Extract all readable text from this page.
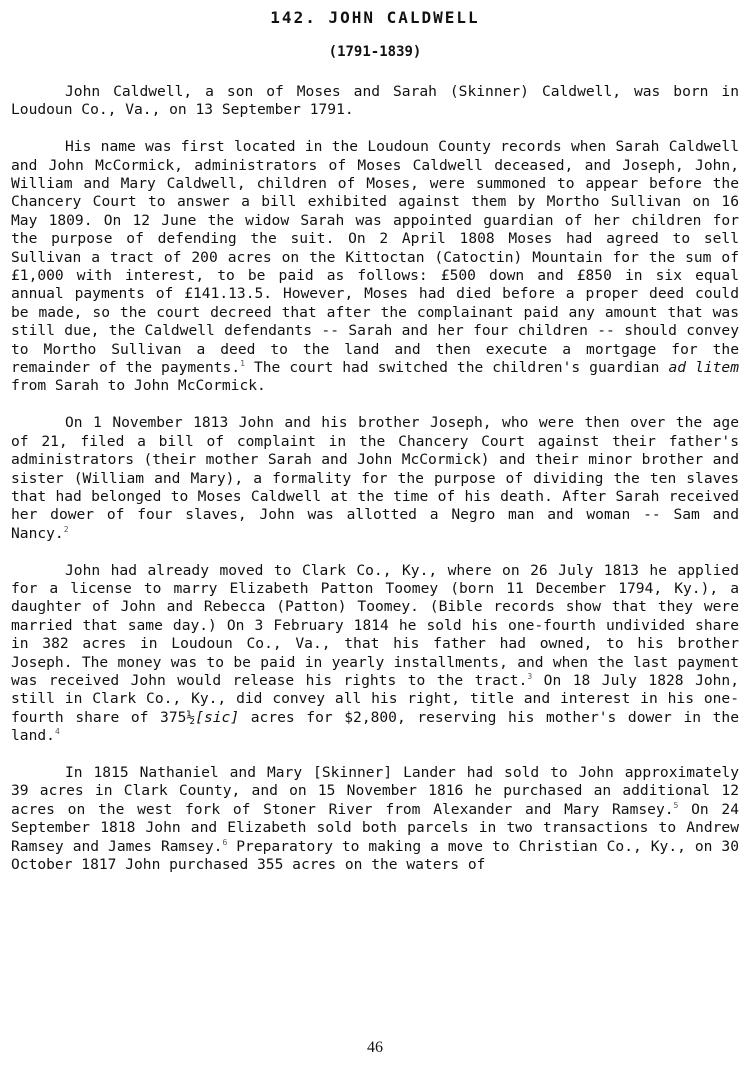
142. JOHN CALDWELL
(1791-1839)

John Caldwell, a son of Moses and Sarah (Skinner) Caldwell, was born in Loudoun Co., Va., on 13 September 1791.

His name was first located in the Loudoun County records when Sarah Caldwell and John McCormick, administrators of Moses Caldwell deceased, and Joseph, John, William and Mary Caldwell, children of Moses, were summoned to appear before the Chancery Court to answer a bill exhibited against them by Mortho Sullivan on 16 May 1809. On 12 June the widow Sarah was appointed guardian of her children for the purpose of defending the suit. On 2 April 1808 Moses had agreed to sell Sullivan a tract of 200 acres on the Kittoctan (Catoctin) Mountain for the sum of £1,000 with interest, to be paid as follows: £500 down and £850 in six equal annual payments of £141.13.5. However, Moses had died before a proper deed could be made, so the court decreed that after the complainant paid any amount that was still due, the Caldwell defendants -- Sarah and her four children -- should convey to Mortho Sullivan a deed to the land and then execute a mortgage for the remainder of the payments.$^1$ The court had switched the children's guardian ad litem from Sarah to John McCormick.

On 1 November 1813 John and his brother Joseph, who were then over the age of 21, filed a bill of complaint in the Chancery Court against their father's administrators (their mother Sarah and John McCormick) and their minor brother and sister (William and Mary), a formality for the purpose of dividing the ten slaves that had belonged to Moses Caldwell at the time of his death. After Sarah received her dower of four slaves, John was allotted a Negro man and woman -- Sam and Nancy.$^2$

John had already moved to Clark Co., Ky., where on 26 July 1813 he applied for a license to marry Elizabeth Patton Toomey (born 11 December 1794, Ky.), a daughter of John and Rebecca (Patton) Toomey. (Bible records show that they were married that same day.) On 3 February 1814 he sold his one-fourth undivided share in 382 acres in Loudoun Co., Va., that his father had owned, to his brother Joseph. The money was to be paid in yearly installments, and when the last payment was received John would release his rights to the tract.$^3$ On 18 July 1828 John, still in Clark Co., Ky., did convey all his right, title and interest in his one-fourth share of 375½[sic] acres for $2,800, reserving his mother's dower in the land.$^4$

In 1815 Nathaniel and Mary [Skinner] Lander had sold to John approximately 39 acres in Clark County, and on 15 November 1816 he purchased an additional 12 acres on the west fork of Stoner River from Alexander and Mary Ramsey.$^5$ On 24 September 1818 John and Elizabeth sold both parcels in two transactions to Andrew Ramsey and James Ramsey.$^6$ Preparatory to making a move to Christian Co., Ky., on 30 October 1817 John purchased 355 acres on the waters of

46
